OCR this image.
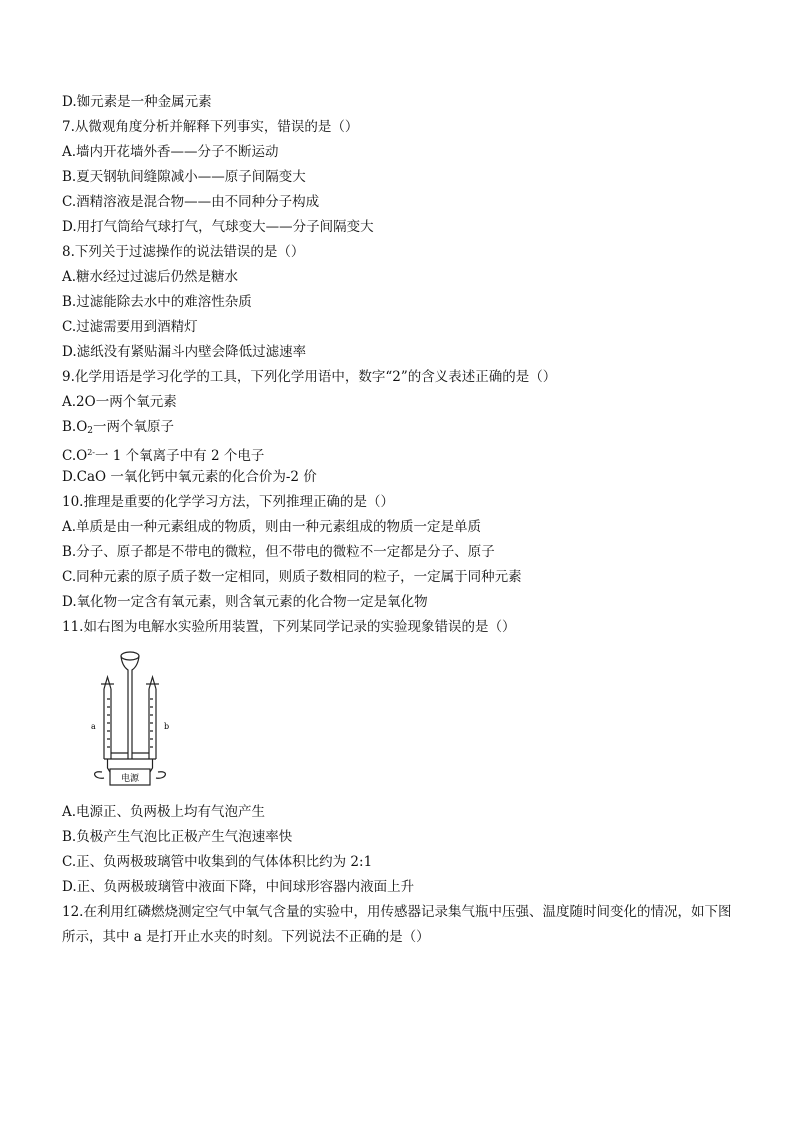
D.铷元素是一种金属元素
7.从微观角度分析并解释下列事实，错误的是（）
A.墙内开花墙外香——分子不断运动
B.夏天钢轨间缝隙减小——原子间隔变大
C.酒精溶液是混合物——由不同种分子构成
D.用打气筒给气球打气，气球变大——分子间隔变大
8.下列关于过滤操作的说法错误的是（）
A.糖水经过过滤后仍然是糖水
B.过滤能除去水中的难溶性杂质
C.过滤需要用到酒精灯
D.滤纸没有紧贴漏斗内壁会降低过滤速率
9.化学用语是学习化学的工具，下列化学用语中，数字“2”的含义表述正确的是（）
A.2O一两个氧元素
$B.O_2$一两个氧原子
$C.O^{2-}$一 1 个氧离子中有 2 个电子
D.CaO 一氧化钙中氧元素的化合价为-2 价
10.推理是重要的化学学习方法，下列推理正确的是（）
A.单质是由一种元素组成的物质，则由一种元素组成的物质一定是单质
B.分子、原子都是不带电的微粒，但不带电的微粒不一定都是分子、原子
C.同种元素的原子质子数一定相同，则质子数相同的粒子，一定属于同种元素
D.氧化物一定含有氧元素，则含氧元素的化合物一定是氧化物
11.如右图为电解水实验所用装置，下列某同学记录的实验现象错误的是（）
a	b
电源
A.电源正、负两极上均有气泡产生
B.负极产生气泡比正极产生气泡速率快
C.正、负两极玻璃管中收集到的气体体积比约为 2:1
D.正、负两极玻璃管中液面下降，中间球形容器内液面上升
12.在利用红磷燃烧测定空气中氧气含量的实验中，用传感器记录集气瓶中压强、温度随时间变化的情况，如下图所示，其中 a 是打开止水夹的时刻。下列说法不正确的是（）
